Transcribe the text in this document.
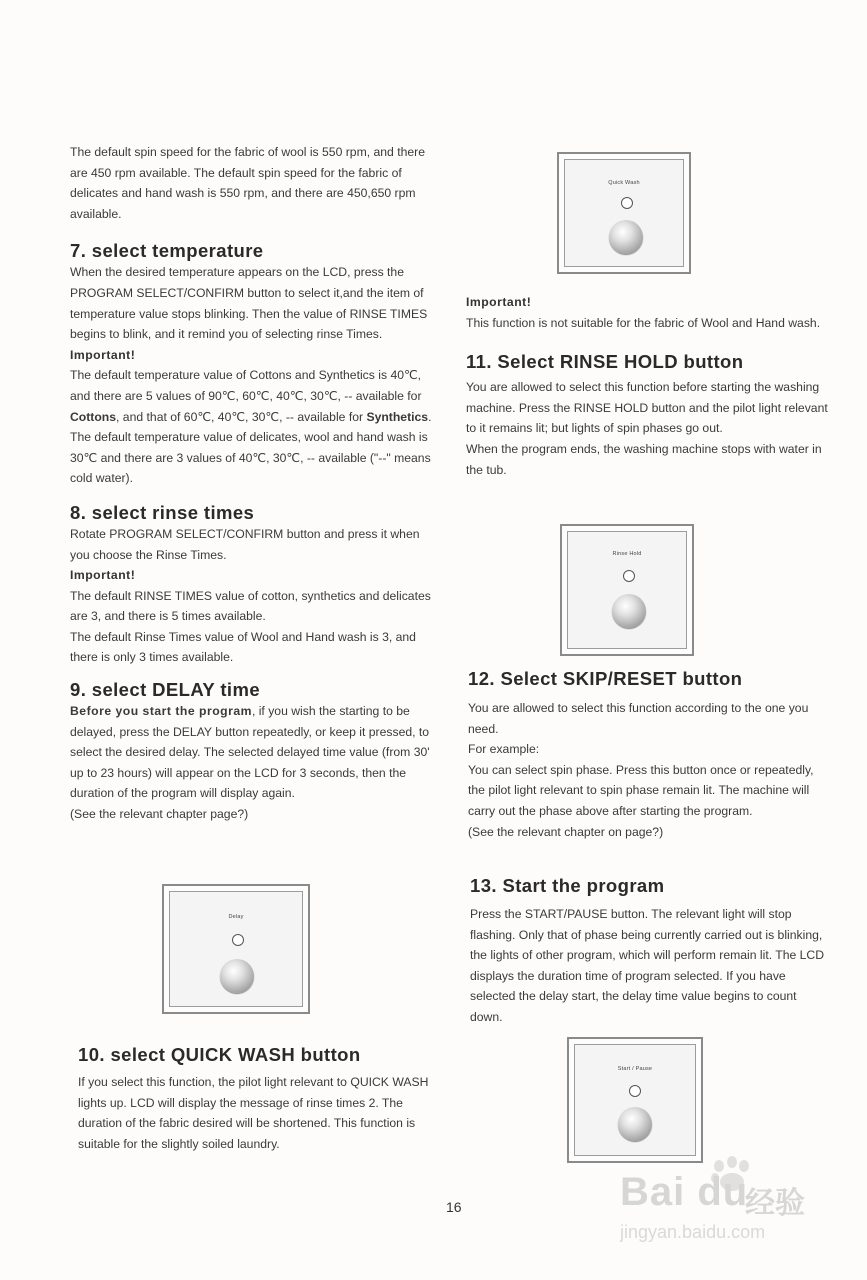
The default spin speed for the fabric of wool is 550 rpm, and there are 450 rpm available. The default spin speed for the fabric of delicates and hand wash is 550 rpm, and there are 450,650 rpm available.

7. select temperature

When the desired temperature appears on the LCD, press the PROGRAM SELECT/CONFIRM button to select it,and the item of temperature value stops blinking. Then the value of RINSE TIMES begins to blink, and it remind you of selecting rinse Times.

Important!

The default temperature value of Cottons and Synthetics is 40℃, and there are 5 values of 90℃, 60℃, 40℃, 30℃, -- available for Cottons, and that of 60℃, 40℃, 30℃, -- available for Synthetics.

The default temperature value of delicates, wool and hand wash is 30℃ and there are 3 values of 40℃, 30℃, -- available ("--" means cold water).

8. select rinse times

Rotate PROGRAM SELECT/CONFIRM button and press it when you choose the Rinse Times.

Important!

The default RINSE TIMES value of cotton, synthetics and delicates are 3, and there is 5 times available.

The default Rinse Times value of Wool and Hand wash is 3, and there is only 3 times available.

9. select DELAY time

Before you start the program, if you wish the starting to be delayed, press the DELAY button repeatedly, or keep it pressed, to select the desired delay. The selected delayed time value (from 30' up to 23 hours) will appear on the LCD for 3 seconds, then the duration of the program will display again.

(See the relevant chapter page?)

10. select QUICK WASH button

If you select this function, the pilot light relevant to QUICK WASH lights up. LCD will display the message of rinse times 2. The duration of the fabric desired will be shortened. This function is suitable for the slightly soiled laundry.

Important!

This function is not suitable for the fabric of Wool and Hand wash.

11. Select RINSE HOLD button

You are allowed to select this function before starting the washing machine. Press the RINSE HOLD button and the pilot light relevant to it remains lit; but lights of spin phases go out.

When the program ends, the washing machine stops with water in the tub.

12. Select SKIP/RESET button

You are allowed to select this function according to the one you need.

For example:

You can select spin phase. Press this button once or repeatedly, the pilot light relevant to spin phase remain lit. The machine will carry out the phase above after starting the program.

(See the relevant chapter on page?)

13. Start the program

Press the START/PAUSE button. The relevant light will stop flashing. Only that of phase being currently carried out is blinking, the lights of other program, which will perform remain lit. The LCD displays the duration time of program selected. If you have selected the delay start, the delay time value begins to count down.

Quick Wash
Rinse Hold
Delay
Start / Pause
16	Bai du
经验
jingyan.baidu.com
